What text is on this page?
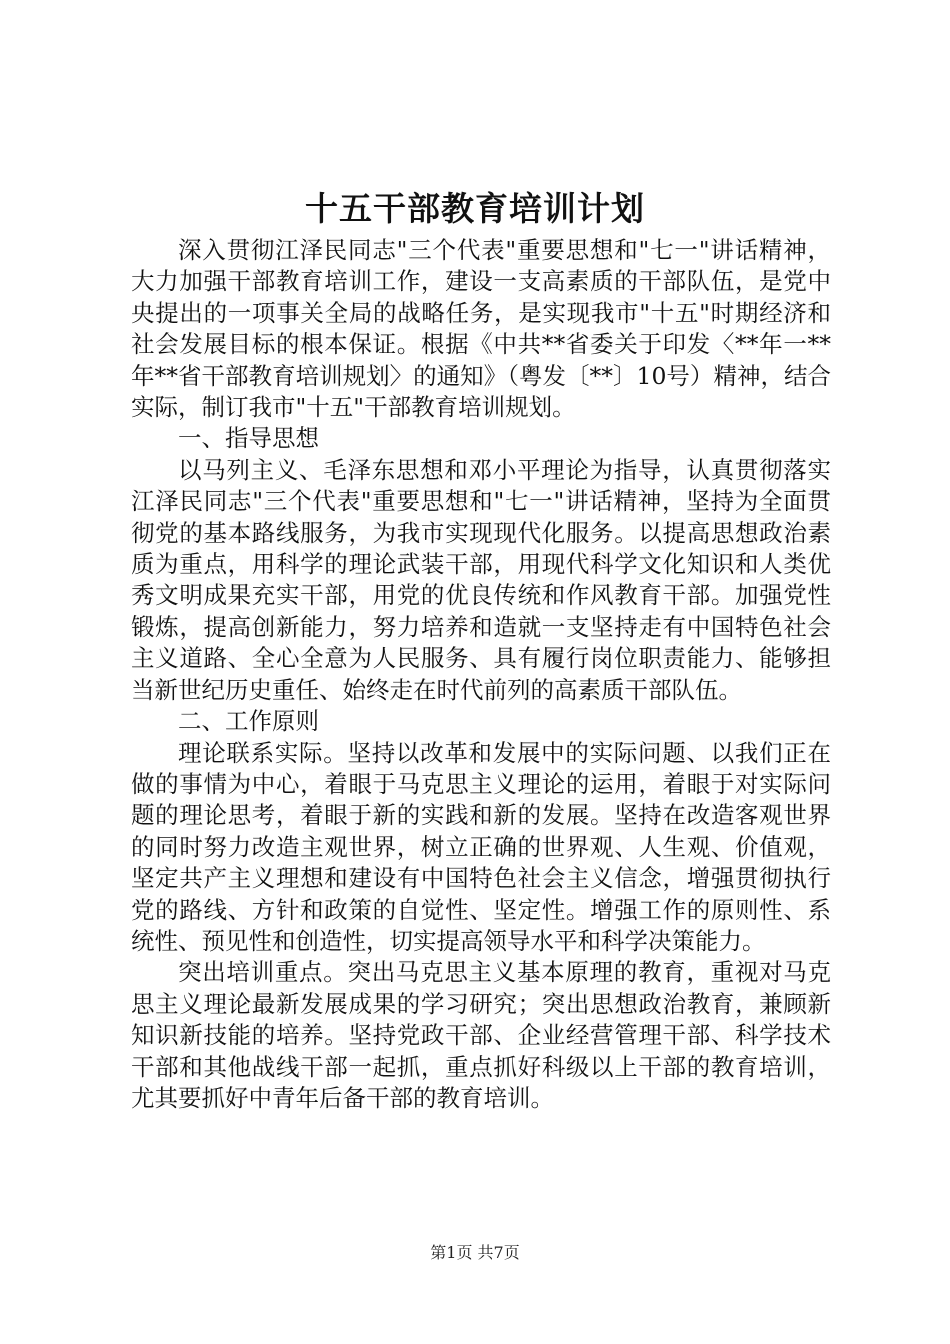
十五干部教育培训计划

深入贯彻江泽民同志"三个代表"重要思想和"七一"讲话精神，大力加强干部教育培训工作，建设一支高素质的干部队伍，是党中央提出的一项事关全局的战略任务，是实现我市"十五"时期经济和社会发展目标的根本保证。根据《中共**省委关于印发〈**年一**年**省干部教育培训规划〉的通知》（粤发〔**〕10号）精神，结合实际，制订我市"十五"干部教育培训规划。

一、指导思想

以马列主义、毛泽东思想和邓小平理论为指导，认真贯彻落实江泽民同志"三个代表"重要思想和"七一"讲话精神，坚持为全面贯彻党的基本路线服务，为我市实现现代化服务。以提高思想政治素质为重点，用科学的理论武装干部，用现代科学文化知识和人类优秀文明成果充实干部，用党的优良传统和作风教育干部。加强党性锻炼，提高创新能力，努力培养和造就一支坚持走有中国特色社会主义道路、全心全意为人民服务、具有履行岗位职责能力、能够担当新世纪历史重任、始终走在时代前列的高素质干部队伍。

二、工作原则

理论联系实际。坚持以改革和发展中的实际问题、以我们正在做的事情为中心，着眼于马克思主义理论的运用，着眼于对实际问题的理论思考，着眼于新的实践和新的发展。坚持在改造客观世界的同时努力改造主观世界，树立正确的世界观、人生观、价值观，坚定共产主义理想和建设有中国特色社会主义信念，增强贯彻执行党的路线、方针和政策的自觉性、坚定性。增强工作的原则性、系统性、预见性和创造性，切实提高领导水平和科学决策能力。

突出培训重点。突出马克思主义基本原理的教育，重视对马克思主义理论最新发展成果的学习研究；突出思想政治教育，兼顾新知识新技能的培养。坚持党政干部、企业经营管理干部、科学技术干部和其他战线干部一起抓，重点抓好科级以上干部的教育培训，尤其要抓好中青年后备干部的教育培训。

第1页 共7页
